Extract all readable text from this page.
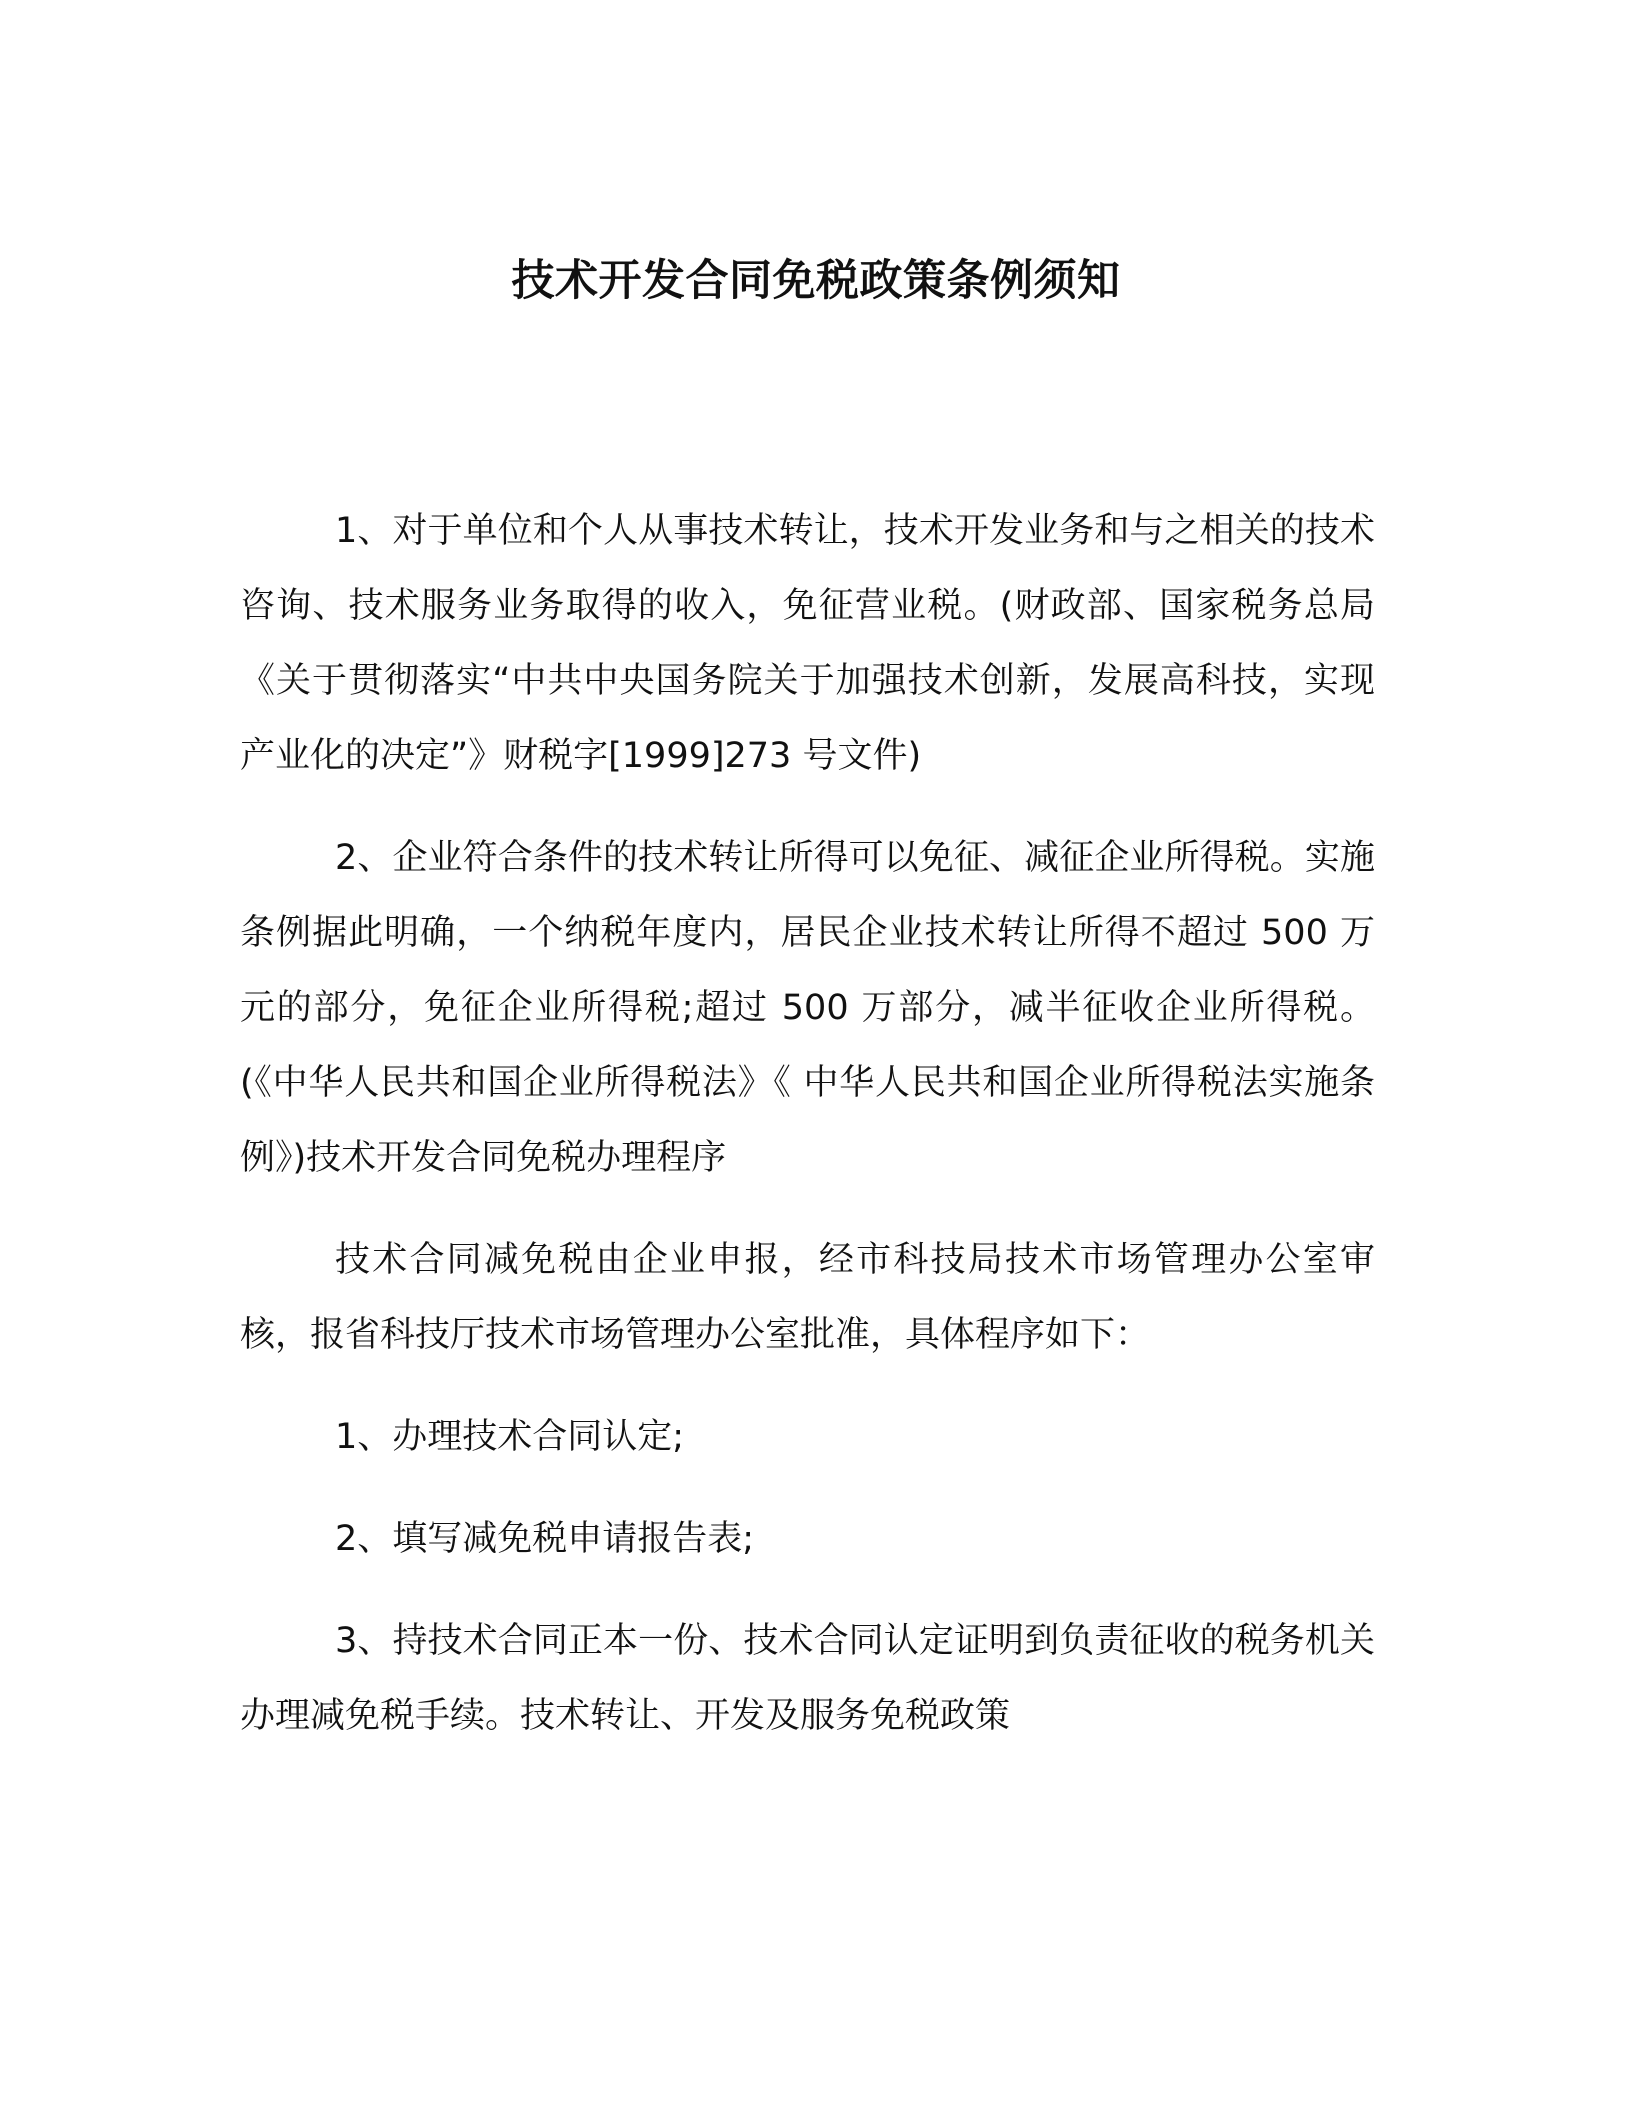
技术开发合同免税政策条例须知

1、对于单位和个人从事技术转让，技术开发业务和与之相关的技术咨询、技术服务业务取得的收入，免征营业税。(财政部、国家税务总局《关于贯彻落实“中共中央国务院关于加强技术创新，发展高科技，实现产业化的决定”》财税字[1999]273 号文件)

2、企业符合条件的技术转让所得可以免征、减征企业所得税。实施条例据此明确，一个纳税年度内，居民企业技术转让所得不超过 500 万元的部分，免征企业所得税;超过 500 万部分，减半征收企业所得税。(《中华人民共和国企业所得税法》《 中华人民共和国企业所得税法实施条例》)技术开发合同免税办理程序

技术合同减免税由企业申报，经市科技局技术市场管理办公室审核，报省科技厅技术市场管理办公室批准，具体程序如下：

1、办理技术合同认定;

2、填写减免税申请报告表;

3、持技术合同正本一份、技术合同认定证明到负责征收的税务机关办理减免税手续。技术转让、开发及服务免税政策
